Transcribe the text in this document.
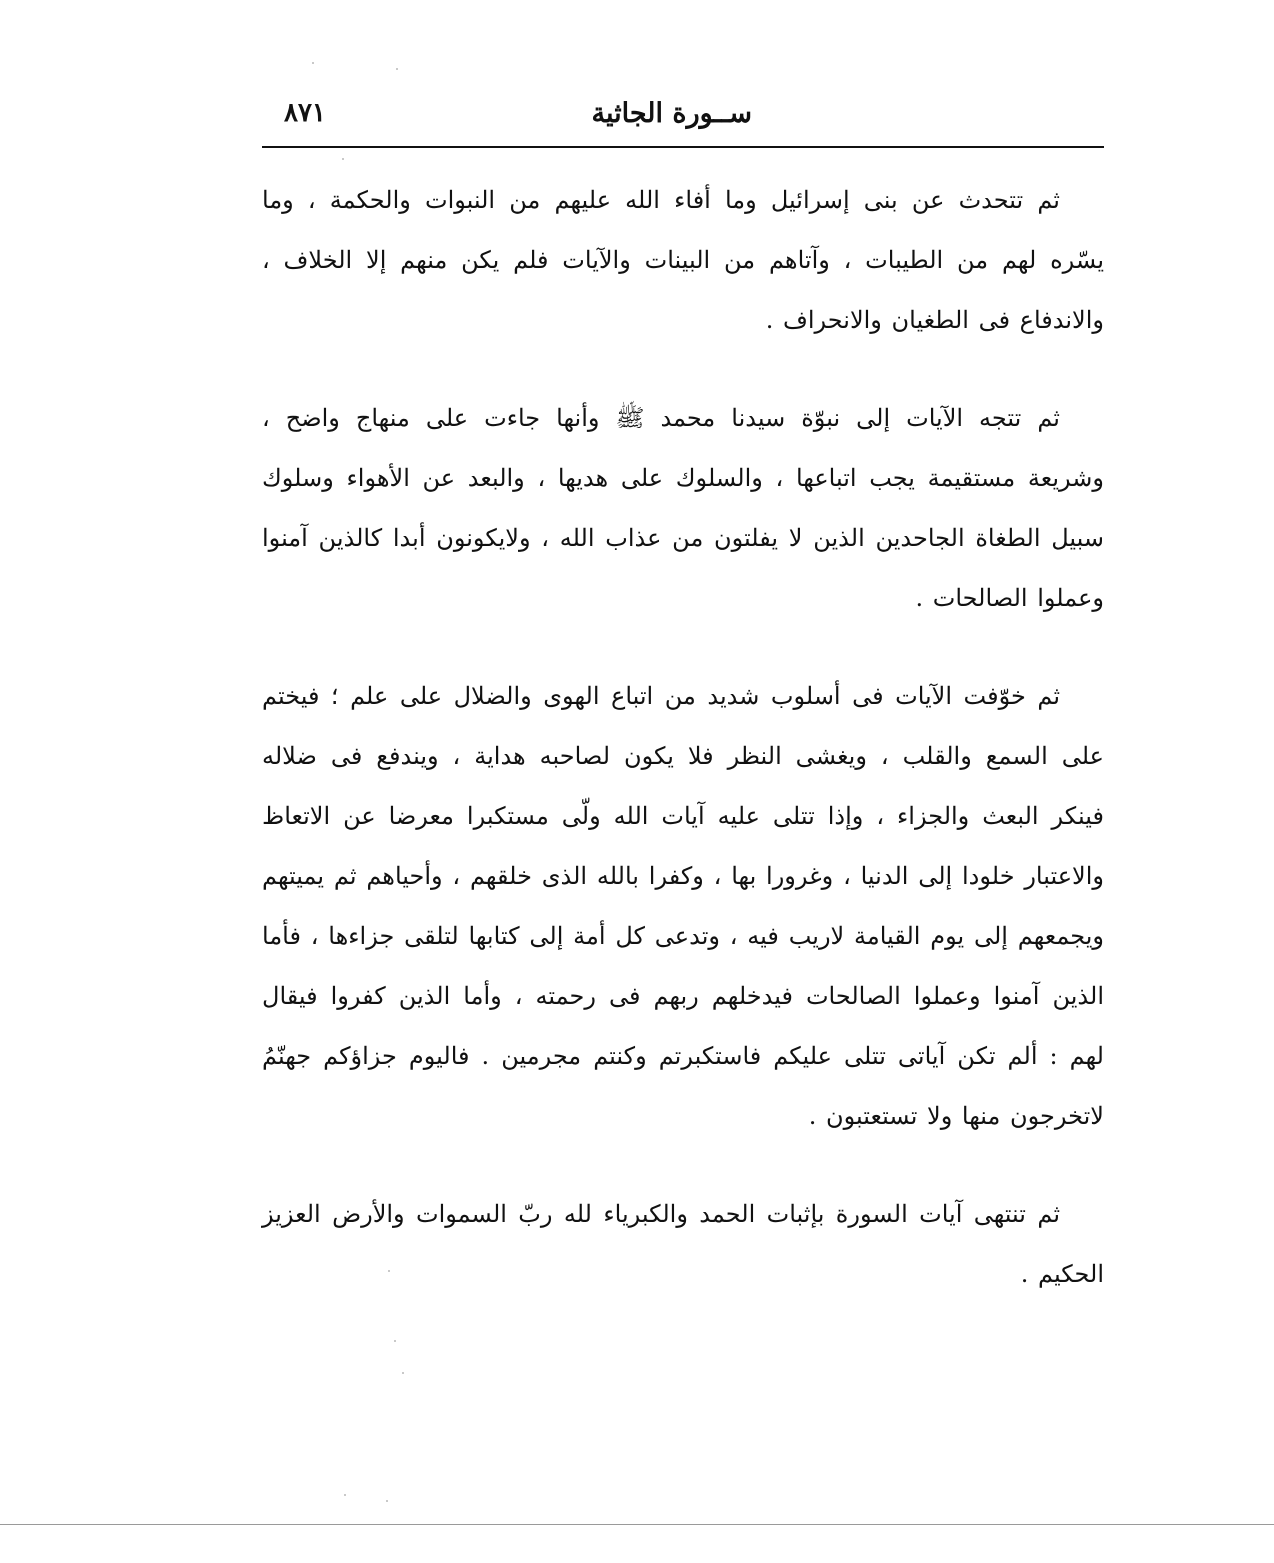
ســورة الجاثية
٨٧١

ثم تتحدث عن بنى إسرائيل وما أفاء الله عليهم من النبوات والحكمة ، وما يسّره لهم من الطيبات ، وآتاهم من البينات والآيات فلم يكن منهم إلا الخلاف ، والاندفاع فى الطغيان والانحراف .

ثم تتجه الآيات إلى نبوّة سيدنا محمد ﷺ وأنها جاءت على منهاج واضح ، وشريعة مستقيمة يجب اتباعها ، والسلوك على هديها ، والبعد عن الأهواء وسلوك سبيل الطغاة الجاحدين الذين لا يفلتون من عذاب الله ، ولايكونون أبدا كالذين آمنوا وعملوا الصالحات .

ثم خوّفت الآيات فى أسلوب شديد من اتباع الهوى والضلال على علم ؛ فيختم على السمع والقلب ، ويغشى النظر فلا يكون لصاحبه هداية ، ويندفع فى ضلاله فينكر البعث والجزاء ، وإذا تتلى عليه آيات الله ولّى مستكبرا معرضا عن الاتعاظ والاعتبار خلودا إلى الدنيا ، وغرورا بها ، وكفرا بالله الذى خلقهم ، وأحياهم ثم يميتهم ويجمعهم إلى يوم القيامة لاريب فيه ، وتدعى كل أمة إلى كتابها لتلقى جزاءها ، فأما الذين آمنوا وعملوا الصالحات فيدخلهم ربهم فى رحمته ، وأما الذين كفروا فيقال لهم : ألم تكن آياتى تتلى عليكم فاستكبرتم وكنتم مجرمين . فاليوم جزاؤكم جهنّمُ لاتخرجون منها ولا تستعتبون .

ثم تنتهى آيات السورة بإثبات الحمد والكبرياء لله ربّ السموات والأرض العزيز الحكيم .
